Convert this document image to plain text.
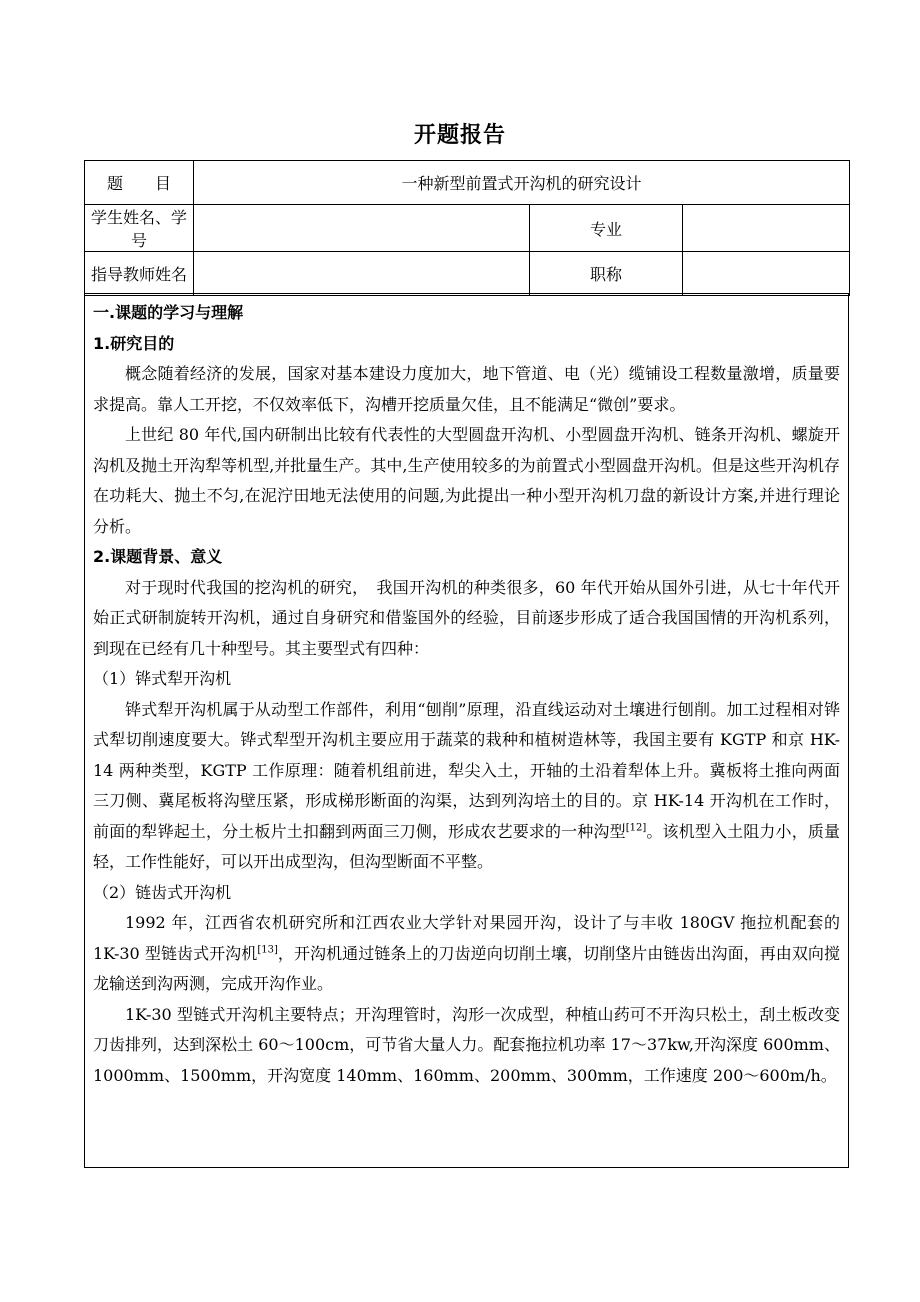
开题报告
题　　目	一种新型前置式开沟机的研究设计		
学生姓名、学号		专业	
指导教师姓名		职称	

一.课题的学习与理解

1.研究目的

概念随着经济的发展，国家对基本建设力度加大，地下管道、电（光）缆铺设工程数量激增，质量要求提高。靠人工开挖，不仅效率低下，沟槽开挖质量欠佳，且不能满足“微创”要求。

上世纪 80 年代,国内研制出比较有代表性的大型圆盘开沟机、小型圆盘开沟机、链条开沟机、螺旋开沟机及抛土开沟犁等机型,并批量生产。其中,生产使用较多的为前置式小型圆盘开沟机。但是这些开沟机存在功耗大、抛土不匀,在泥泞田地无法使用的问题,为此提出一种小型开沟机刀盘的新设计方案,并进行理论分析。

2.课题背景、意义

对于现时代我国的挖沟机的研究，　我国开沟机的种类很多，60 年代开始从国外引进，从七十年代开始正式研制旋转开沟机，通过自身研究和借鉴国外的经验，目前逐步形成了适合我国国情的开沟机系列，到现在已经有几十种型号。其主要型式有四种：

（1）铧式犁开沟机

铧式犁开沟机属于从动型工作部件，利用“刨削”原理，沿直线运动对土壤进行刨削。加工过程相对铧式犁切削速度要大。铧式犁型开沟机主要应用于蔬菜的栽种和植树造林等，我国主要有 KGTP 和京 HK-14 两种类型，KGTP 工作原理：随着机组前进，犁尖入土，开轴的土沿着犁体上升。冀板将土推向两面三刀侧、冀尾板将沟壁压紧，形成梯形断面的沟渠，达到列沟培土的目的。京 HK-14 开沟机在工作时，前面的犁铧起土，分土板片土扣翻到两面三刀侧，形成农艺要求的一种沟型[12]。该机型入土阻力小，质量轻，工作性能好，可以开出成型沟，但沟型断面不平整。

（2）链齿式开沟机

1992 年，江西省农机研究所和江西农业大学针对果园开沟，设计了与丰收 180GV 拖拉机配套的 1K-30 型链齿式开沟机[13]，开沟机通过链条上的刀齿逆向切削土壤，切削垡片由链齿出沟面，再由双向搅龙输送到沟两测，完成开沟作业。

1K-30 型链式开沟机主要特点；开沟理管时，沟形一次成型，种植山药可不开沟只松土，刮土板改变刀齿排列，达到深松土 60～100cm，可节省大量人力。配套拖拉机功率 17～37kw,开沟深度 600mm、1000mm、1500mm，开沟宽度 140mm、160mm、200mm、300mm，工作速度 200～600m/h。
